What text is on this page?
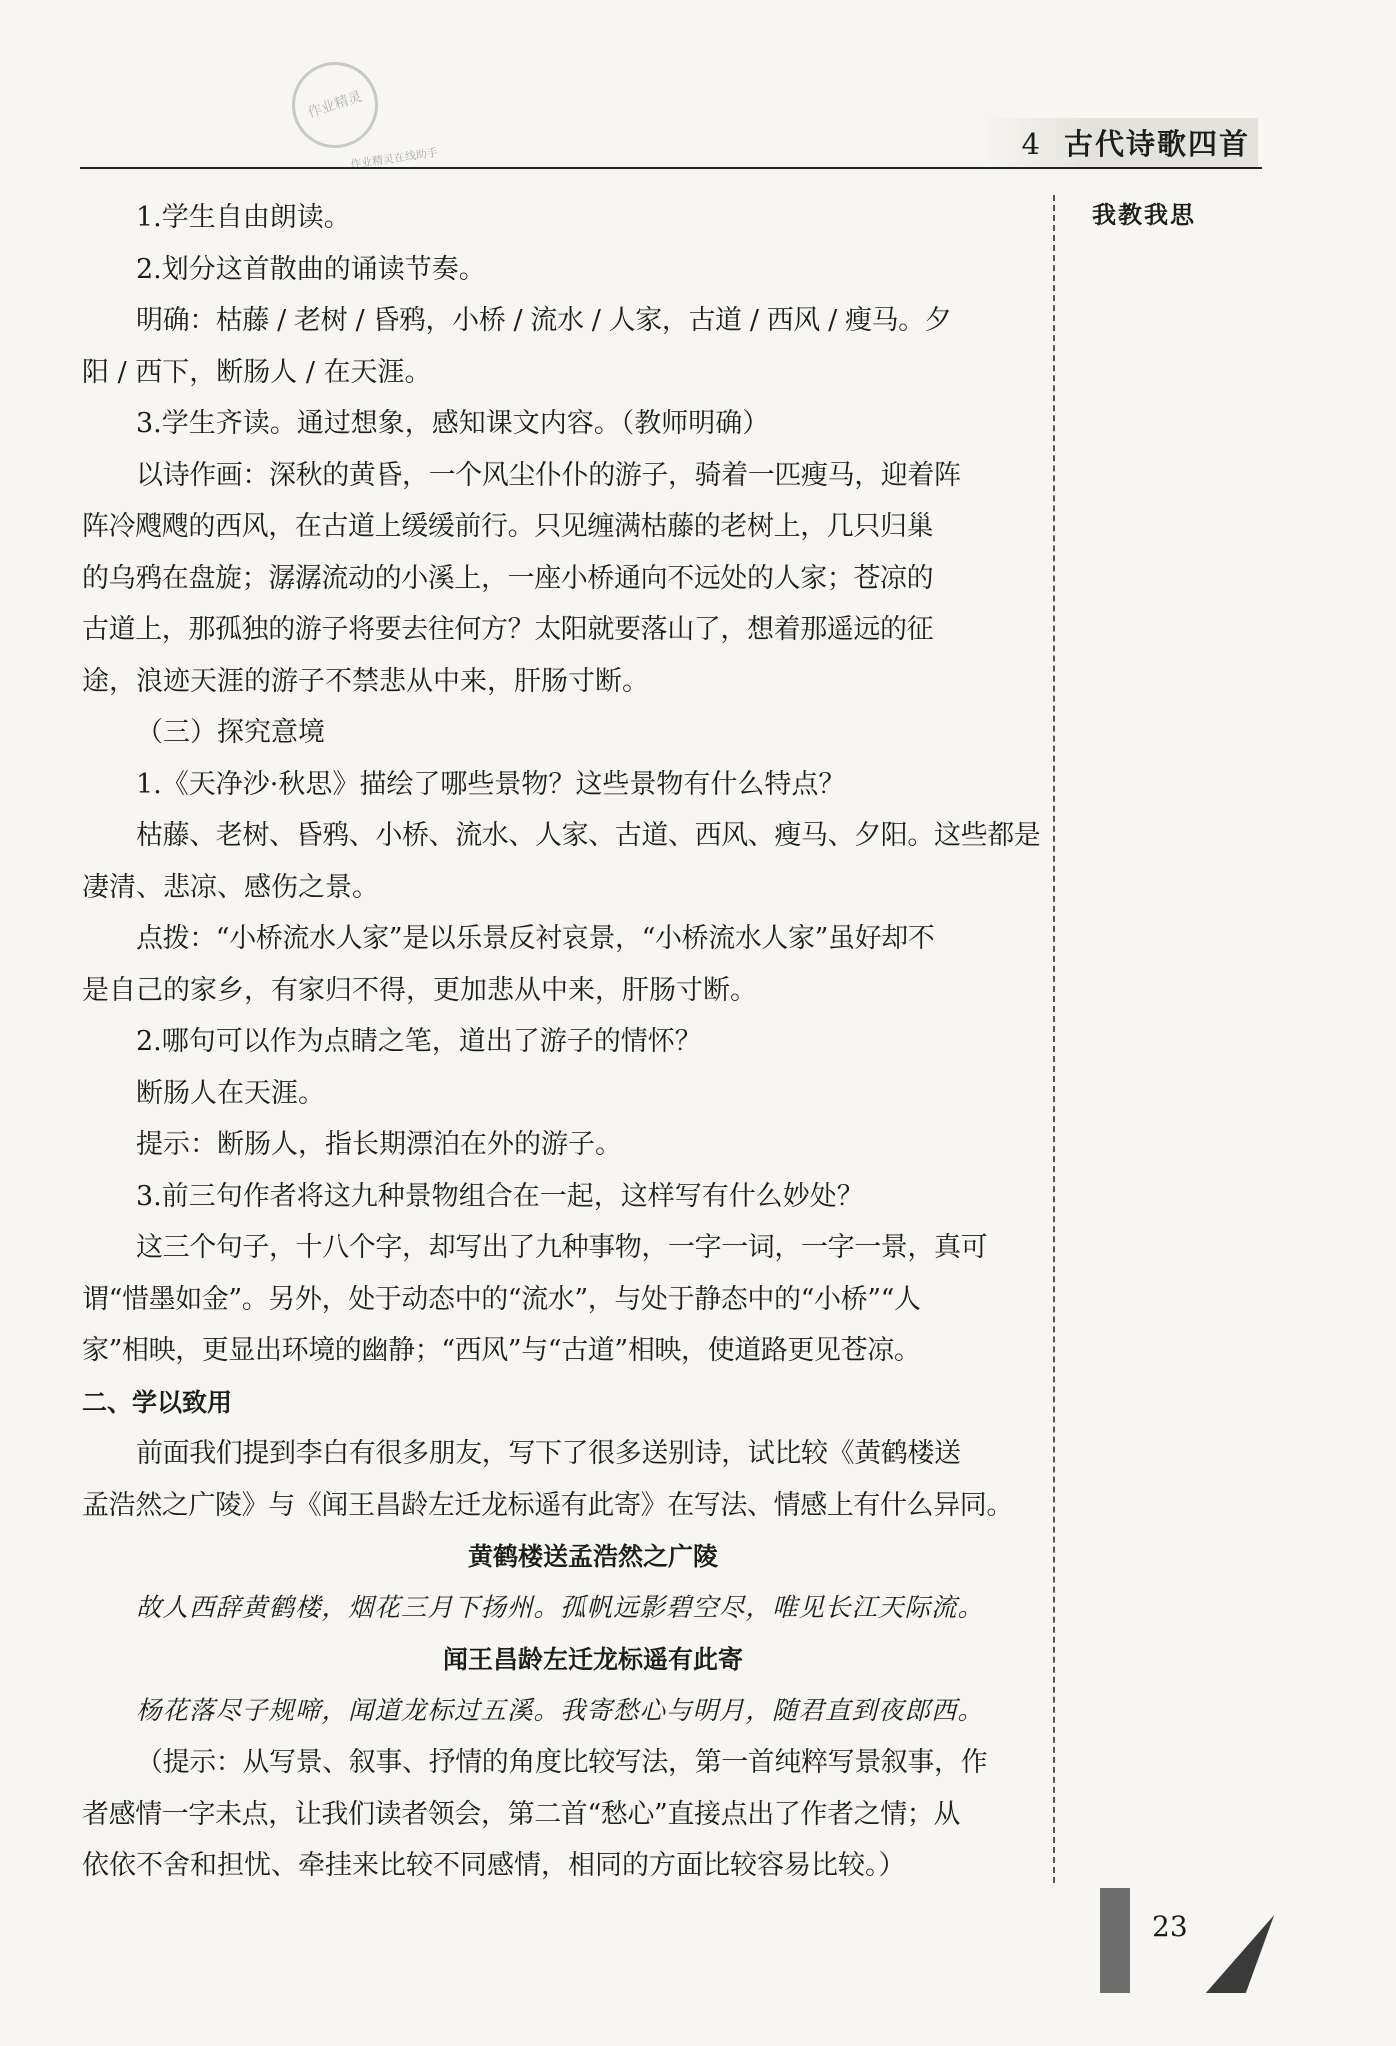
作业精灵
作业精灵在线助手	4 古代诗歌四首
我教我思
1.学生自由朗读。
2.划分这首散曲的诵读节奏。
明确：枯藤 / 老树 / 昏鸦，小桥 / 流水 / 人家，古道 / 西风 / 瘦马。夕
阳 / 西下，断肠人 / 在天涯。
3.学生齐读。通过想象，感知课文内容。（教师明确）
以诗作画：深秋的黄昏，一个风尘仆仆的游子，骑着一匹瘦马，迎着阵
阵冷飕飕的西风，在古道上缓缓前行。只见缠满枯藤的老树上，几只归巢
的乌鸦在盘旋；潺潺流动的小溪上，一座小桥通向不远处的人家；苍凉的
古道上，那孤独的游子将要去往何方？太阳就要落山了，想着那遥远的征
途，浪迹天涯的游子不禁悲从中来，肝肠寸断。
（三）探究意境
1.《天净沙·秋思》描绘了哪些景物？这些景物有什么特点？
枯藤、老树、昏鸦、小桥、流水、人家、古道、西风、瘦马、夕阳。这些都是
凄清、悲凉、感伤之景。
点拨：“小桥流水人家”是以乐景反衬哀景，“小桥流水人家”虽好却不
是自己的家乡，有家归不得，更加悲从中来，肝肠寸断。
2.哪句可以作为点睛之笔，道出了游子的情怀？
断肠人在天涯。
提示：断肠人，指长期漂泊在外的游子。
3.前三句作者将这九种景物组合在一起，这样写有什么妙处？
这三个句子，十八个字，却写出了九种事物，一字一词，一字一景，真可
谓“惜墨如金”。另外，处于动态中的“流水”，与处于静态中的“小桥”“人
家”相映，更显出环境的幽静；“西风”与“古道”相映，使道路更见苍凉。
二、学以致用
前面我们提到李白有很多朋友，写下了很多送别诗，试比较《黄鹤楼送
孟浩然之广陵》与《闻王昌龄左迁龙标遥有此寄》在写法、情感上有什么异同。
黄鹤楼送孟浩然之广陵
故人西辞黄鹤楼，烟花三月下扬州。孤帆远影碧空尽，唯见长江天际流。
闻王昌龄左迁龙标遥有此寄
杨花落尽子规啼，闻道龙标过五溪。我寄愁心与明月，随君直到夜郎西。
（提示：从写景、叙事、抒情的角度比较写法，第一首纯粹写景叙事，作
者感情一字未点，让我们读者领会，第二首“愁心”直接点出了作者之情；从
依依不舍和担忧、牵挂来比较不同感情，相同的方面比较容易比较。）
23
